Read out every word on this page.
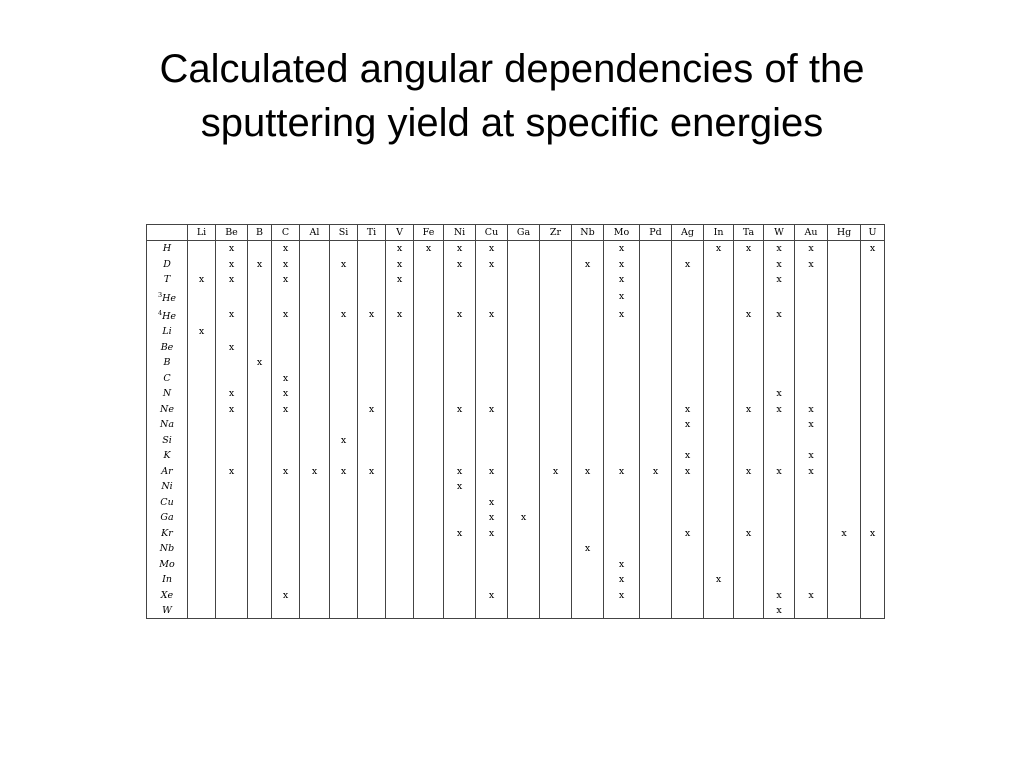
Calculated angular dependencies of the
sputtering yield at specific energies
	Li	Be	B	C	Al	Si	Ti	V	Fe	Ni	Cu	Ga	Zr	Nb	Mo	Pd	Ag	In	Ta	W	Au	Hg	U
H		x		x				x	x	x	x				x			x	x	x	x		x
D		x	x	x		x		x		x	x			x	x		x			x	x		
T	x	x		x				x							x					x			
$^3$He															x								
$^4$He		x		x		x	x	x		x	x				x				x	x			
Li	x																						
Be		x																					
B			x																				
C				x																			
N		x		x																x			
Ne		x		x			x			x	x						x		x	x	x		
Na																	x				x		
Si						x																	
K																	x				x		
Ar		x		x	x	x	x			x	x		x	x	x	x	x		x	x	x		
Ni										x													
Cu											x												
Ga											x	x											
Kr										x	x						x		x			x	x
Nb														x									
Mo															x								
In															x			x					
Xe				x							x				x					x	x		
W																				x			
